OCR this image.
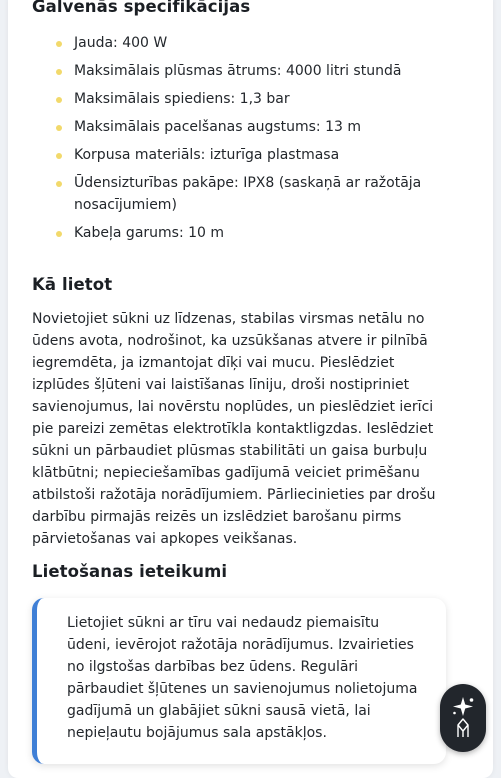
Galvenās specifikācijas
Jauda: 400 W
Maksimālais plūsmas ātrums: 4000 litri stundā
Maksimālais spiediens: 1,3 bar
Maksimālais pacelšanas augstums: 13 m
Korpusa materiāls: izturīga plastmasa
Ūdensizturības pakāpe: IPX8 (saskaņā ar ražotāja nosacījumiem)
Kabeļa garums: 10 m
Kā lietot

Novietojiet sūkni uz līdzenas, stabilas virsmas netālu no ūdens avota, nodrošinot, ka uzsūkšanas atvere ir pilnībā iegremdēta, ja izmantojat dīķi vai mucu. Pieslēdziet izplūdes šļūteni vai laistīšanas līniju, droši nostipriniet savienojumus, lai novērstu noplūdes, un pieslēdziet ierīci pie pareizi zemētas elektrotīkla kontaktligzdas. Ieslēdziet sūkni un pārbaudiet plūsmas stabilitāti un gaisa burbuļu klātbūtni; nepieciešamības gadījumā veiciet primēšanu atbilstoši ražotāja norādījumiem. Pārliecinieties par drošu darbību pirmajās reizēs un izslēdziet barošanu pirms pārvietošanas vai apkopes veikšanas.

Lietošanas ieteikumi

Lietojiet sūkni ar tīru vai nedaudz piemaisītu ūdeni, ievērojot ražotāja norādījumus. Izvairieties no ilgstošas darbības bez ūdens. Regulāri pārbaudiet šļūtenes un savienojumus nolietojuma gadījumā un glabājiet sūkni sausā vietā, lai nepieļautu bojājumus sala apstākļos.
